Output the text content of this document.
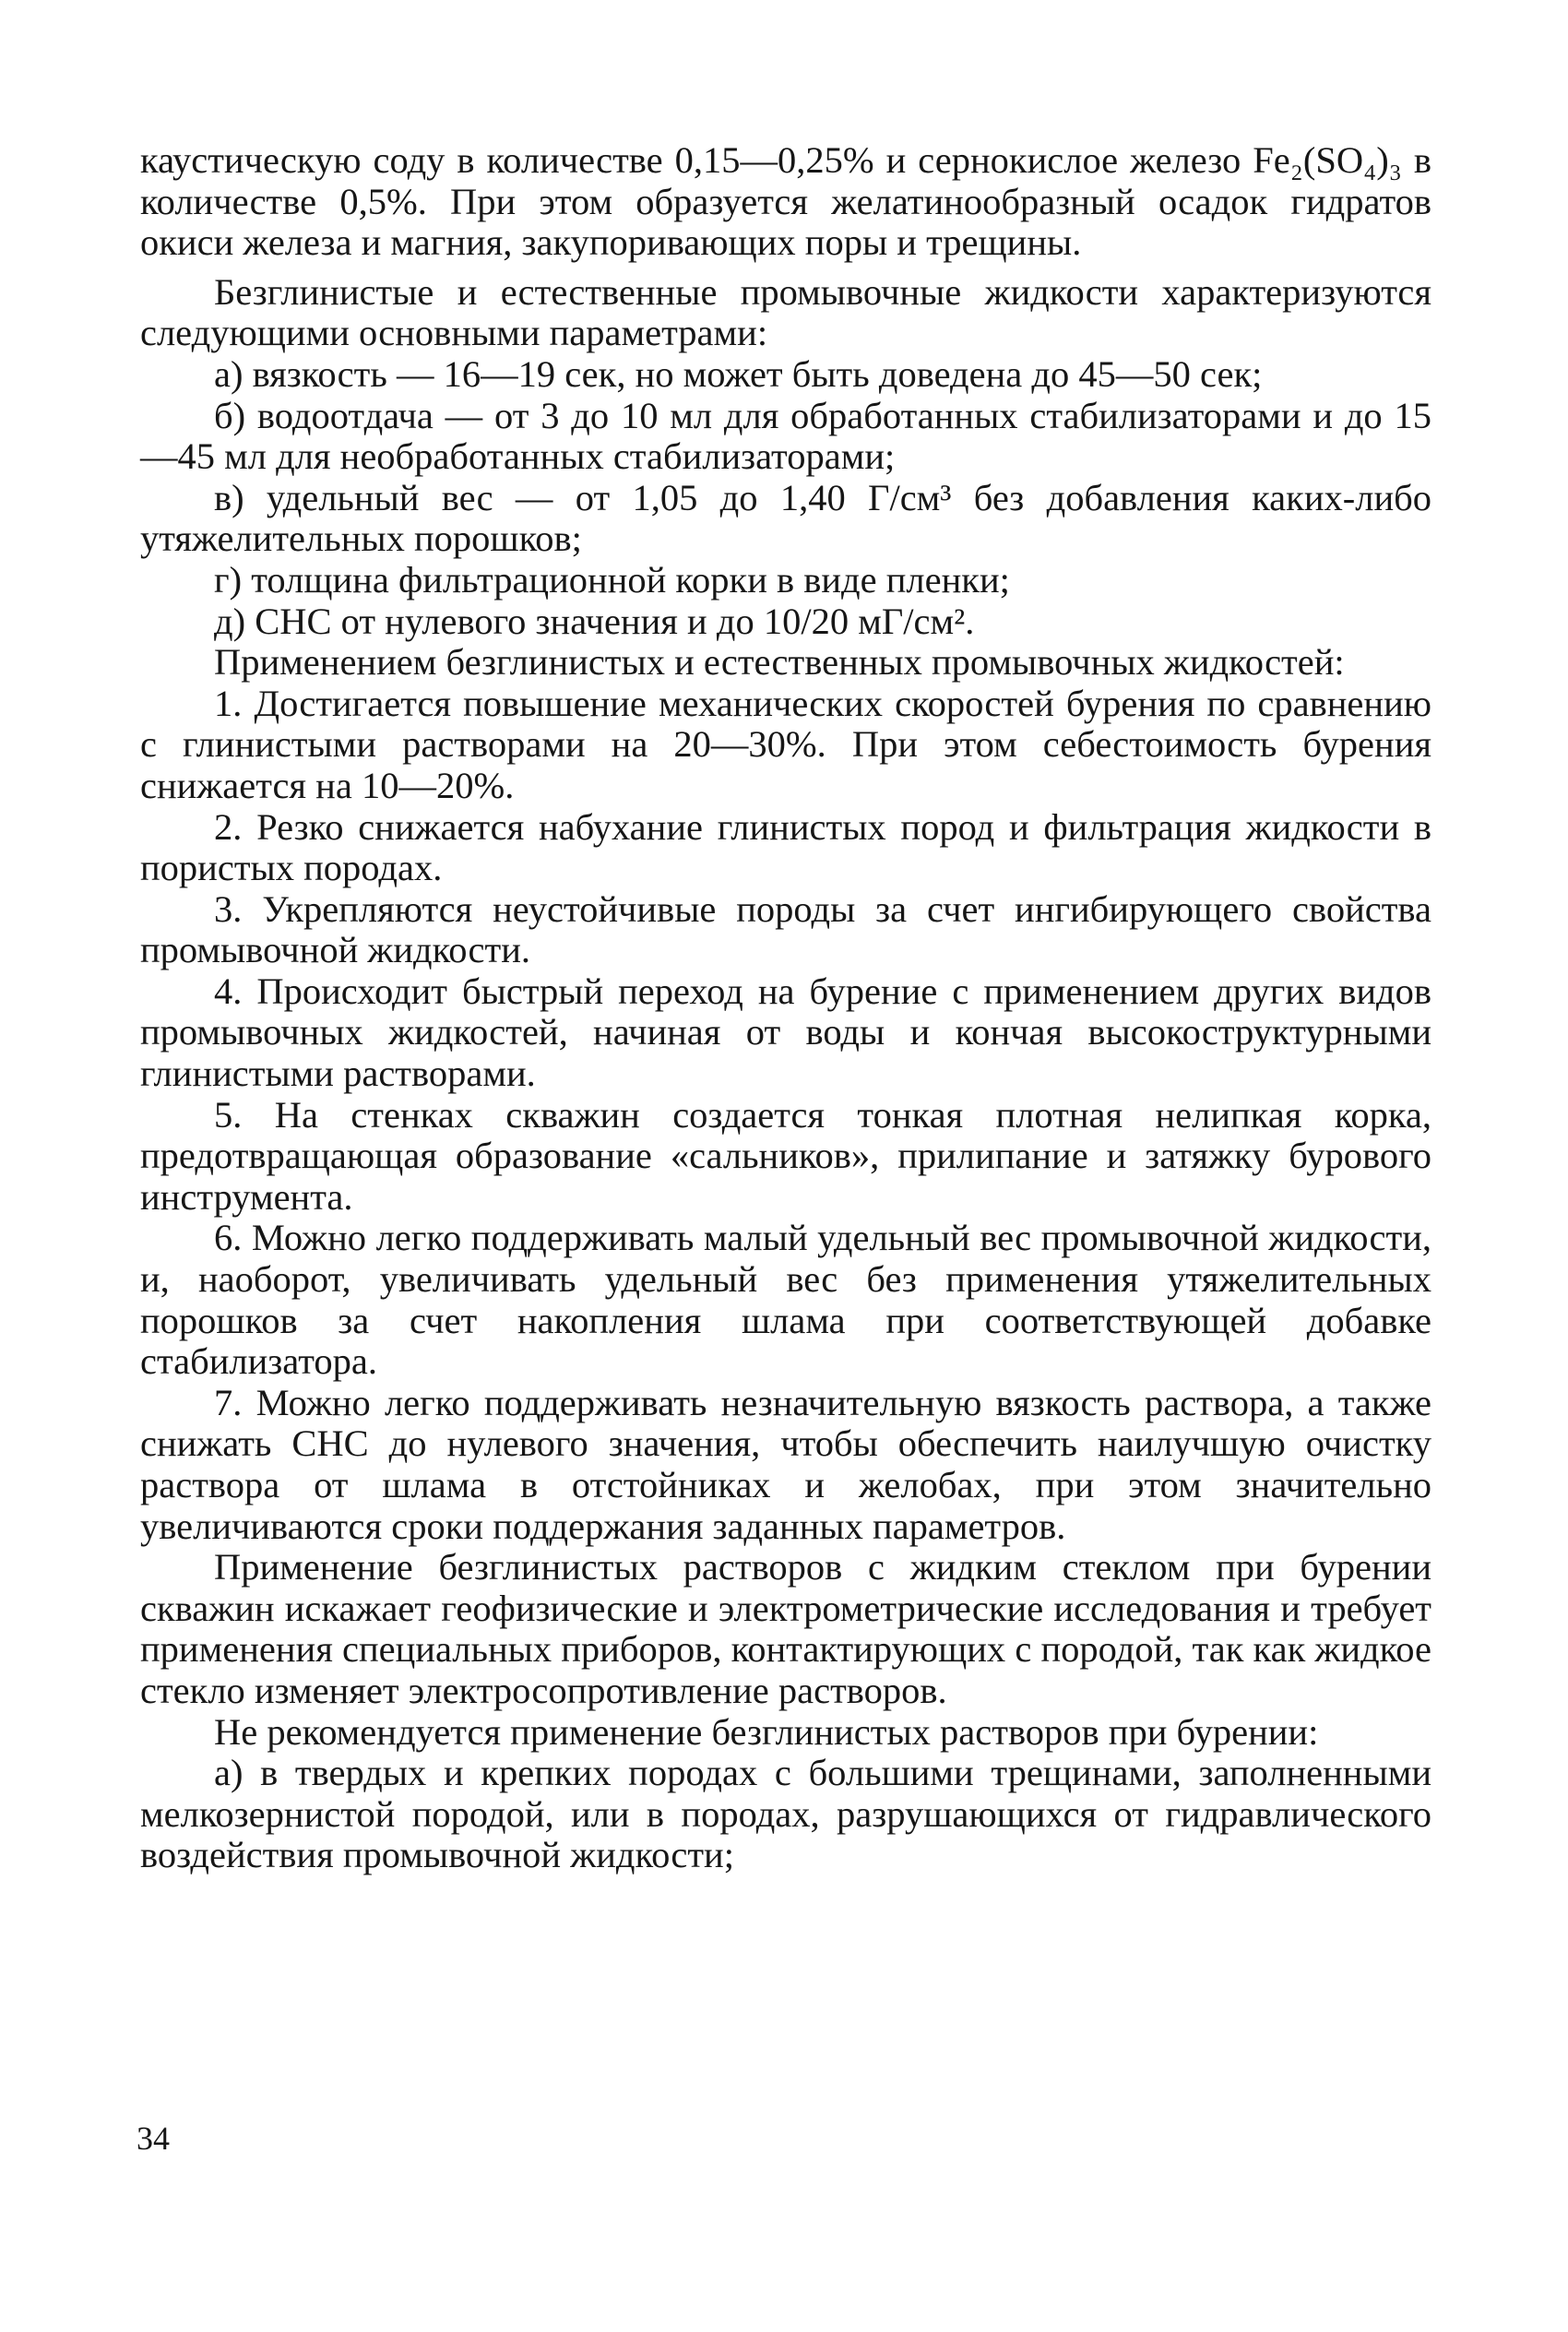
каустическую соду в количестве 0,15—0,25% и сернокислое железо Fe₂(SO₄)₃ в количестве 0,5%. При этом образуется желатинообразный осадок гидратов окиси железа и магния, закупоривающих поры и трещины.

Безглинистые и естественные промывочные жидкости характеризуются следующими основными параметрами:

а) вязкость — 16—19 сек, но может быть доведена до 45—50 сек;

б) водоотдача — от 3 до 10 мл для обработанных стабилизаторами и до 15—45 мл для необработанных стабилизаторами;

в) удельный вес — от 1,05 до 1,40 Г/см³ без добавления каких-либо утяжелительных порошков;

г) толщина фильтрационной корки в виде пленки;

д) СНС от нулевого значения и до 10/20 мГ/см².

Применением безглинистых и естественных промывочных жидкостей:

1. Достигается повышение механических скоростей бурения по сравнению с глинистыми растворами на 20—30%. При этом себестоимость бурения снижается на 10—20%.

2. Резко снижается набухание глинистых пород и фильтрация жидкости в пористых породах.

3. Укрепляются неустойчивые породы за счет ингибирующего свойства промывочной жидкости.

4. Происходит быстрый переход на бурение с применением других видов промывочных жидкостей, начиная от воды и кончая высокоструктурными глинистыми растворами.

5. На стенках скважин создается тонкая плотная нелипкая корка, предотвращающая образование «сальников», прилипание и затяжку бурового инструмента.

6. Можно легко поддерживать малый удельный вес промывочной жидкости, и, наоборот, увеличивать удельный вес без применения утяжелительных порошков за счет накопления шлама при соответствующей добавке стабилизатора.

7. Можно легко поддерживать незначительную вязкость раствора, а также снижать СНС до нулевого значения, чтобы обеспечить наилучшую очистку раствора от шлама в отстойниках и желобах, при этом значительно увеличиваются сроки поддержания заданных параметров.

Применение безглинистых растворов с жидким стеклом при бурении скважин искажает геофизические и электрометрические исследования и требует применения специальных приборов, контактирующих с породой, так как жидкое стекло изменяет электросопротивление растворов.

Не рекомендуется применение безглинистых растворов при бурении:

а) в твердых и крепких породах с большими трещинами, заполненными мелкозернистой породой, или в породах, разрушающихся от гидравлического воздействия промывочной жидкости;

34
